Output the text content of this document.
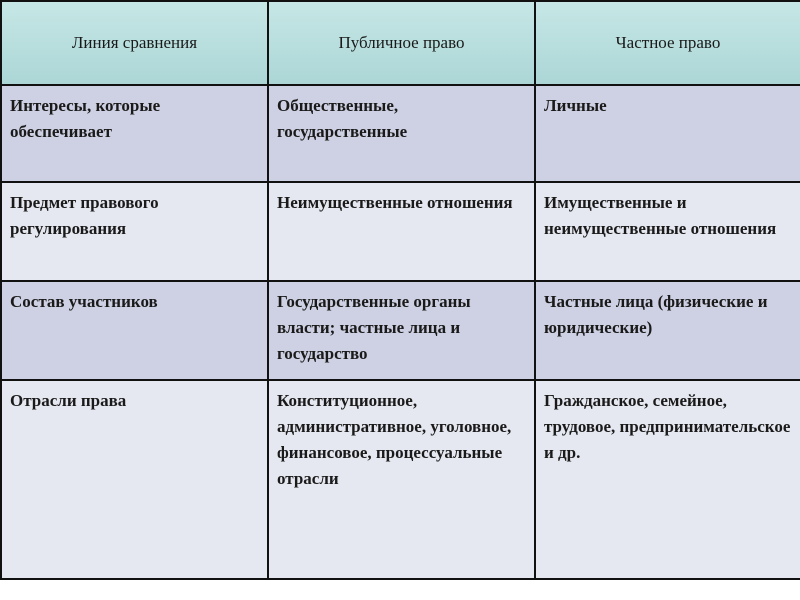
Линия сравнения	Публичное право	Частное право
Интересы, которые обеспечивает	Общественные, государственные	Личные
Предмет правового регулирования	Неимущественные отношения	Имущественные и неимущественные отношения
Состав участников	Государственные органы власти; частные лица и государство	Частные лица (физические и юридические)
Отрасли права	Конституционное, административное, уголовное, финансовое, процессуальные отрасли	Гражданское, семейное, трудовое, предпринимательское и др.
